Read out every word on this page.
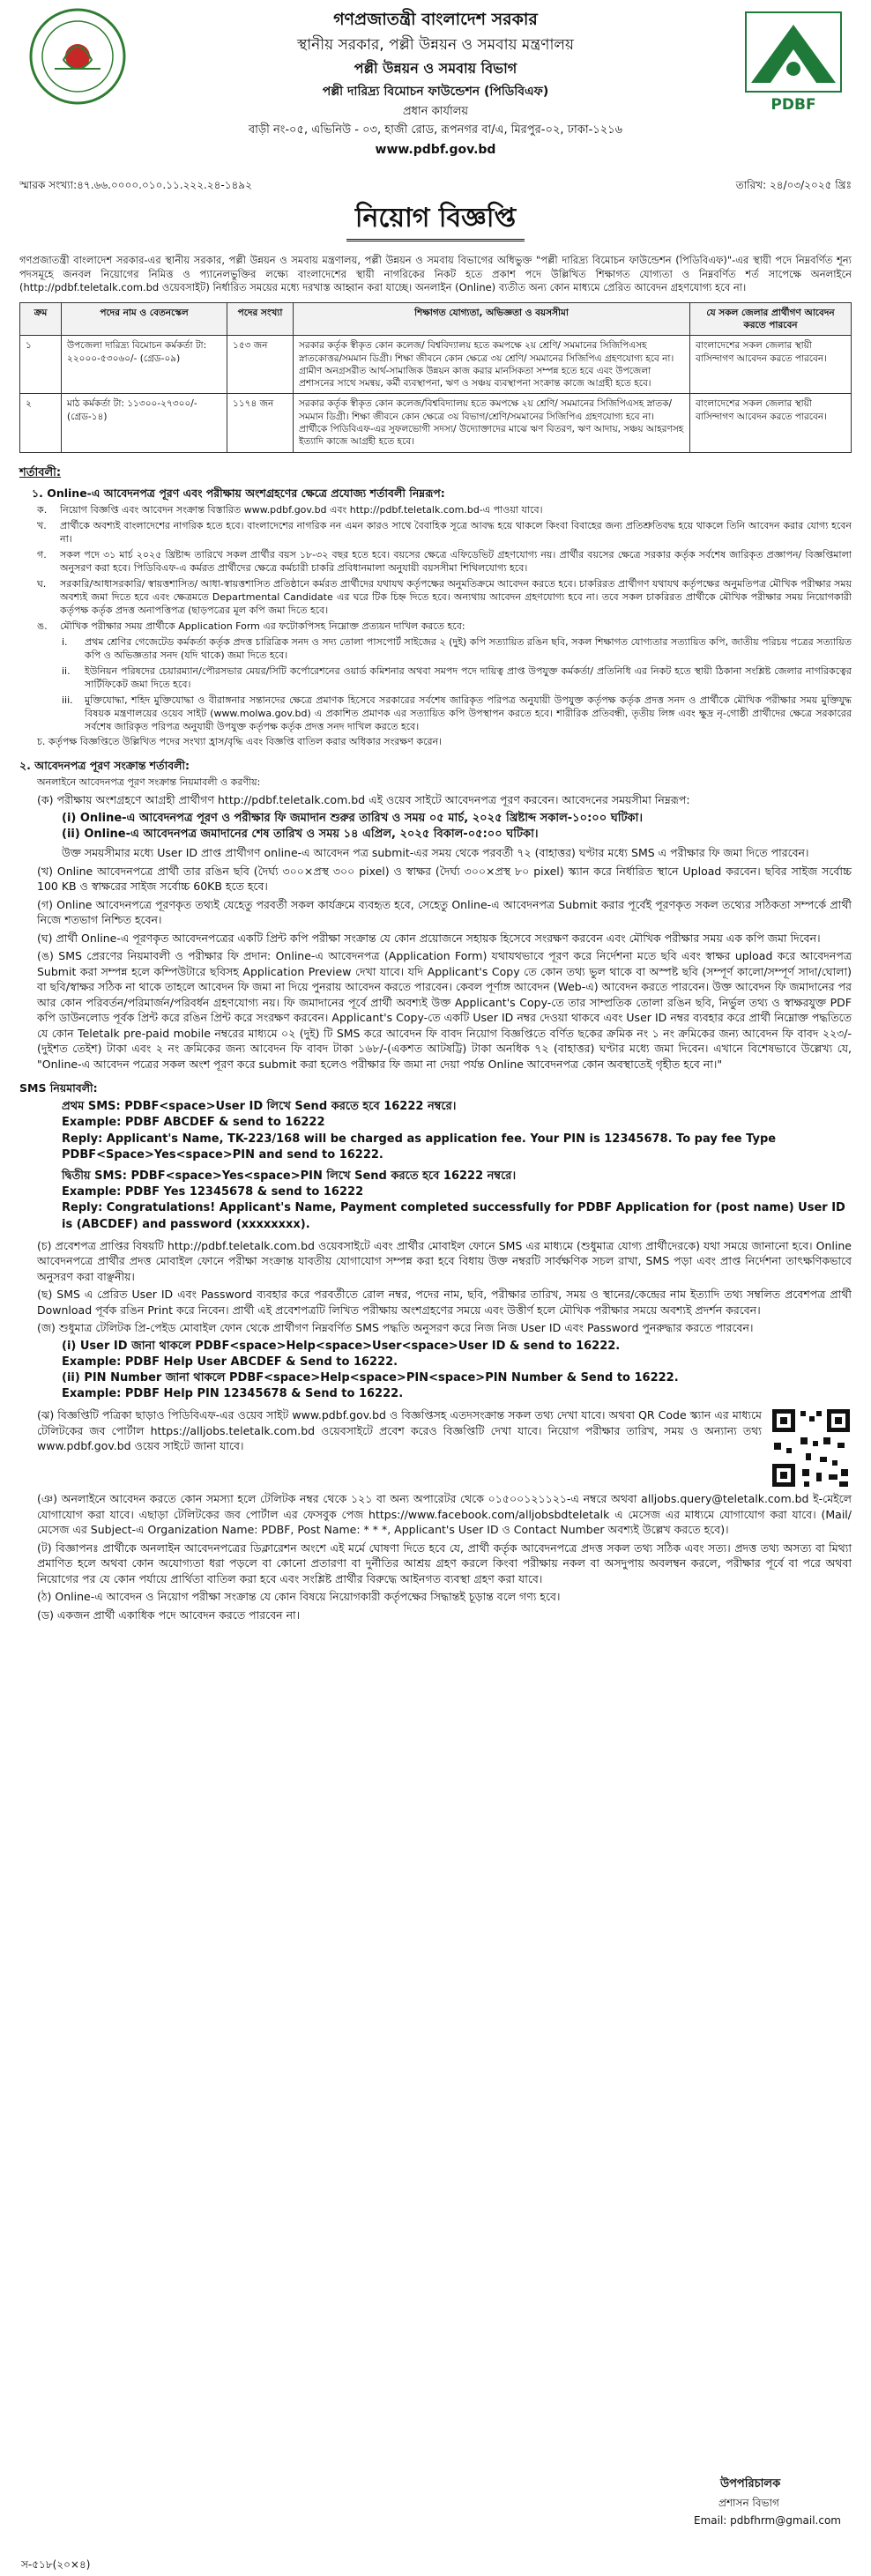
গণপ্রজাতন্ত্রী বাংলাদেশ সরকার
স্থানীয় সরকার, পল্লী উন্নয়ন ও সমবায় মন্ত্রণালয়
পল্লী উন্নয়ন ও সমবায় বিভাগ
পল্লী দারিদ্র্য বিমোচন ফাউন্ডেশন (পিডিবিএফ)
প্রধান কার্যালয়
বাড়ী নং-০৫, এভিনিউ - ০৩, হাজী রোড, রূপনগর বা/এ, মিরপুর-০২, ঢাকা-১২১৬
www.pdbf.gov.bd
PDBF
স্মারক সংখ্যা:৪৭.৬৬.০০০০.০১০.১১.২২২.২৪-১৪৯২	তারিখ: ২৪/০৩/২০২৫ খ্রিঃ
নিয়োগ বিজ্ঞপ্তি
গণপ্রজাতন্ত্রী বাংলাদেশ সরকার-এর স্থানীয় সরকার, পল্লী উন্নয়ন ও সমবায় মন্ত্রণালয়, পল্লী উন্নয়ন ও সমবায় বিভাগের অধিভুক্ত "পল্লী দারিদ্র্য বিমোচন ফাউন্ডেশন (পিডিবিএফ)"-এর স্থায়ী পদে নিম্নবর্ণিত শূন্য পদসমূহে জনবল নিয়োগের নিমিত্ত ও প্যানেলভুক্তির লক্ষ্যে বাংলাদেশের স্থায়ী নাগরিকের নিকট হতে প্রকাশ পদে উল্লিখিত শিক্ষাগত যোগ্যতা ও নিম্নবর্ণিত শর্ত সাপেক্ষে অনলাইনে (http://pdbf.teletalk.com.bd ওয়েবসাইট) নির্ধারিত সময়ের মধ্যে দরখাস্ত আহ্বান করা যাচ্ছে। অনলাইন (Online) ব্যতীত অন্য কোন মাধ্যমে প্রেরিত আবেদন গ্রহণযোগ্য হবে না।
ক্রম	পদের নাম ও বেতনস্কেল	পদের সংখ্যা	শিক্ষাগত যোগ্যতা, অভিজ্ঞতা ও বয়সসীমা	যে সকল জেলার প্রার্থীগণ আবেদন করতে পারবেন
১	উপজেলা দারিদ্র্য বিমোচন কর্মকর্তা টা: ২২০০০-৫৩০৬০/- (গ্রেড-০৯)	১৫৩ জন	সরকার কর্তৃক স্বীকৃত কোন কলেজ/ বিশ্ববিদ্যালয় হতে কমপক্ষে ২য় শ্রেণি/ সমমানের সিজিপিএসহ স্নাতকোত্তর/সমমান ডিগ্রী। শিক্ষা জীবনে কোন ক্ষেত্রে ৩য় শ্রেণি/ সমমানের সিজিপিএ গ্রহণযোগ্য হবে না। গ্রামীণ অনগ্রসরীত আর্থ-সামাজিক উন্নয়ন কাজ করার মানসিকতা সম্পন্ন হতে হবে এবং উপজেলা প্রশাসনের সাথে সমন্বয়, কর্মী ব্যবস্থাপনা, ঋণ ও সঞ্চয় ব্যবস্থাপনা সংক্রান্ত কাজে আগ্রহী হতে হবে।	বাংলাদেশের সকল জেলার স্থায়ী বাসিন্দাগণ আবেদন করতে পারবেন।
২	মাঠ কর্মকর্তা টা: ১১৩০০-২৭৩০০/- (গ্রেড-১৪)	১১৭৪ জন	সরকার কর্তৃক স্বীকৃত কোন কলেজ/বিশ্ববিদ্যালয় হতে কমপক্ষে ২য় শ্রেণি/ সমমানের সিজিপিএসহ স্নাতক/ সমমান ডিগ্রী। শিক্ষা জীবনে কোন ক্ষেত্রে ৩য় বিভাগ/শ্রেণি/সমমানের সিজিপিএ গ্রহণযোগ্য হবে না। প্রার্থীকে পিডিবিএফ-এর সুফলভোগী সদস্য/ উদ্যোক্তাদের মাঝে ঋণ বিতরণ, ঋণ আদায়, সঞ্চয় আহরণসহ ইত্যাদি কাজে আগ্রহী হতে হবে।	বাংলাদেশের সকল জেলার স্থায়ী বাসিন্দাগণ আবেদন করতে পারবেন।
শর্তাবলী:
১. Online-এ আবেদনপত্র পূরণ এবং পরীক্ষায় অংশগ্রহণের ক্ষেত্রে প্রযোজ্য শর্তাবলী নিম্নরূপ:
ক.	নিয়োগ বিজ্ঞপ্তি এবং আবেদন সংক্রান্ত বিস্তারিত www.pdbf.gov.bd এবং http://pdbf.teletalk.com.bd-এ পাওয়া যাবে।
খ.	প্রার্থীকে অবশ্যই বাংলাদেশের নাগরিক হতে হবে। বাংলাদেশের নাগরিক নন এমন কারও সাথে বৈবাহিক সূত্রে আবদ্ধ হয়ে থাকলে কিংবা বিবাহের জন্য প্রতিশ্রুতিবদ্ধ হয়ে থাকলে তিনি আবেদন করার যোগ্য হবেন না।
গ.	সকল পদে ৩১ মার্চ ২০২৫ খ্রিষ্টাব্দ তারিখে সকল প্রার্থীর বয়স ১৮-৩২ বছর হতে হবে। বয়সের ক্ষেত্রে এফিডেভিট গ্রহণযোগ্য নয়। প্রার্থীর বয়সের ক্ষেত্রে সরকার কর্তৃক সর্বশেষ জারিকৃত প্রজ্ঞাপন/ বিজ্ঞপ্তিমালা অনুসরণ করা হবে। পিডিবিএফ-এ কর্মরত প্রার্থীদের ক্ষেত্রে কর্মচারী চাকরি প্রবিধানমালা অনুযায়ী বয়সসীমা শিথিলযোগ্য হবে।
ঘ.	সরকারি/আধাসরকারি/ স্বায়ত্তশাসিত/ আধা-স্বায়ত্তশাসিত প্রতিষ্ঠানে কর্মরত প্রার্থীদের যথাযথ কর্তৃপক্ষের অনুমতিক্রমে আবেদন করতে হবে। চাকরিরত প্রার্থীগণ যথাযথ কর্তৃপক্ষের অনুমতিপত্র মৌখিক পরীক্ষার সময় অবশ্যই জমা দিতে হবে এবং ক্ষেত্রমতে Departmental Candidate এর ঘরে টিক চিহ্ন দিতে হবে। অন্যথায় আবেদন গ্রহণযোগ্য হবে না। তবে সকল চাকরিরত প্রার্থীকে মৌখিক পরীক্ষার সময় নিয়োগকারী কর্তৃপক্ষ কর্তৃক প্রদত্ত অনাপত্তিপত্র (ছাড়পত্রের মূল কপি জমা দিতে হবে।
ঙ.	মৌখিক পরীক্ষার সময় প্রার্থীকে Application Form এর ফটোকপিসহ নিম্নোক্ত প্রত্যয়ন দাখিল করতে হবে:
i.	প্রথম শ্রেণির গেজেটেড কর্মকর্তা কর্তৃক প্রদত্ত চারিত্রিক সনদ ও সদ্য তোলা পাসপোর্ট সাইজের ২ (দুই) কপি সত্যায়িত রঙিন ছবি, সকল শিক্ষাগত যোগ্যতার সত্যায়িত কপি, জাতীয় পরিচয় পত্রের সত্যায়িত কপি ও অভিজ্ঞতার সনদ (যদি থাকে) জমা দিতে হবে।
ii.	ইউনিয়ন পরিষদের চেয়ারম্যান/পৌরসভার মেয়র/সিটি কর্পোরেশনের ওয়ার্ড কমিশনার অথবা সমপদ পদে দায়িত্ব প্রাপ্ত উপযুক্ত কর্মকর্তা/ প্রতিনিধি এর নিকট হতে স্থায়ী ঠিকানা সংশ্লিষ্ট জেলার নাগরিকত্বের সার্টিফিকেট জমা দিতে হবে।
iii.	মুক্তিযোদ্ধা, শহিদ মুক্তিযোদ্ধা ও বীরাঙ্গনার সন্তানদের ক্ষেত্রে প্রমাণক হিসেবে সরকারের সর্বশেষ জারিকৃত পরিপত্র অনুযায়ী উপযুক্ত কর্তৃপক্ষ কর্তৃক প্রদত্ত সনদ ও প্রার্থীকে মৌখিক পরীক্ষার সময় মুক্তিযুদ্ধ বিষয়ক মন্ত্রণালয়ের ওয়েব সাইট (www.molwa.gov.bd) এ প্রকাশিত প্রমাণক এর সত্যায়িত কপি উপস্থাপন করতে হবে। শারীরিক প্রতিবন্ধী, তৃতীয় লিঙ্গ এবং ক্ষুদ্র নৃ-গোষ্ঠী প্রার্থীদের ক্ষেত্রে সরকারের সর্বশেষ জারিকৃত পরিপত্র অনুযায়ী উপযুক্ত কর্তৃপক্ষ কর্তৃক প্রদত্ত সনদ দাখিল করতে হবে।
চ. কর্তৃপক্ষ বিজ্ঞপ্তিতে উল্লিখিত পদের সংখ্যা হ্রাস/বৃদ্ধি এবং বিজ্ঞপ্তি বাতিল করার অধিকার সংরক্ষণ করেন।
২. আবেদনপত্র পূরণ সংক্রান্ত শর্তাবলী:
অনলাইনে আবেদনপত্র পূরণ সংক্রান্ত নিয়মাবলী ও করণীয়:
(ক) পরীক্ষায় অংশগ্রহণে আগ্রহী প্রার্থীগণ http://pdbf.teletalk.com.bd এই ওয়েব সাইটে আবেদনপত্র পূরণ করবেন। আবেদনের সময়সীমা নিম্নরূপ:
(i) Online-এ আবেদনপত্র পূরণ ও পরীক্ষার ফি জমাদান শুরুর তারিখ ও সময় ০৫ মার্চ, ২০২৫ খ্রিষ্টাব্দ সকাল-১০:০০ ঘটিকা।
(ii) Online-এ আবেদনপত্র জমাদানের শেষ তারিখ ও সময় ১৪ এপ্রিল, ২০২৫ বিকাল-০৫:০০ ঘটিকা।
উক্ত সময়সীমার মধ্যে User ID প্রাপ্ত প্রার্থীগণ online-এ আবেদন পত্র submit-এর সময় থেকে পরবর্তী ৭২ (বাহাত্তর) ঘণ্টার মধ্যে SMS এ পরীক্ষার ফি জমা দিতে পারবেন।
(খ) Online আবেদনপত্রে প্রার্থী তার রঙিন ছবি (দৈর্ঘ্য ৩০০×প্রস্থ ৩০০ pixel) ও স্বাক্ষর (দৈর্ঘ্য ৩০০×প্রস্থ ৮০ pixel) স্ক্যান করে নির্ধারিত স্থানে Upload করবেন। ছবির সাইজ সর্বোচ্চ 100 KB ও স্বাক্ষরের সাইজ সর্বোচ্চ 60KB হতে হবে।
(গ) Online আবেদনপত্রে পূরণকৃত তথ্যই যেহেতু পরবর্তী সকল কার্যক্রমে ব্যবহৃত হবে, সেহেতু Online-এ আবেদনপত্র Submit করার পূর্বেই পূরণকৃত সকল তথ্যের সঠিকতা সম্পর্কে প্রার্থী নিজে শতভাগ নিশ্চিত হবেন।
(ঘ) প্রার্থী Online-এ পূরণকৃত আবেদনপত্রের একটি প্রিন্ট কপি পরীক্ষা সংক্রান্ত যে কোন প্রয়োজনে সহায়ক হিসেবে সংরক্ষণ করবেন এবং মৌখিক পরীক্ষার সময় এক কপি জমা দিবেন।
(ঙ) SMS প্রেরণের নিয়মাবলী ও পরীক্ষার ফি প্রদান: Online-এ আবেদনপত্র (Application Form) যথাযথভাবে পূরণ করে নির্দেশনা মতে ছবি এবং স্বাক্ষর upload করে আবেদনপত্র Submit করা সম্পন্ন হলে কম্পিউটারে ছবিসহ Application Preview দেখা যাবে। যদি Applicant's Copy তে কোন তথ্য ভুল থাকে বা অস্পষ্ট ছবি (সম্পূর্ণ কালো/সম্পূর্ণ সাদা/ঘোলা) বা ছবি/স্বাক্ষর সঠিক না থাকে তাহলে আবেদন ফি জমা না দিয়ে পুনরায় আবেদন করতে পারবেন। কেবল পূর্ণাঙ্গ আবেদন (Web-এ) আবেদন করতে পারবেন। উক্ত আবেদন ফি জমাদানের পর আর কোন পরিবর্তন/পরিমার্জন/পরিবর্ধন গ্রহণযোগ্য নয়। ফি জমাদানের পূর্বে প্রার্থী অবশ্যই উক্ত Applicant's Copy-তে তার সাম্প্রতিক তোলা রঙিন ছবি, নির্ভুল তথ্য ও স্বাক্ষরযুক্ত PDF কপি ডাউনলোড পূর্বক প্রিন্ট করে রঙিন প্রিন্ট করে সংরক্ষণ করবেন। Applicant's Copy-তে একটি User ID নম্বর দেওয়া থাকবে এবং User ID নম্বর ব্যবহার করে প্রার্থী নিম্নোক্ত পদ্ধতিতে যে কোন Teletalk pre-paid mobile নম্বরের মাধ্যমে ০২ (দুই) টি SMS করে আবেদন ফি বাবদ নিয়োগ বিজ্ঞপ্তিতে বর্ণিত ছকের ক্রমিক নং ১ নং ক্রমিকের জন্য আবেদন ফি বাবদ ২২৩/- (দুইশত তেইশ) টাকা এবং ২ নং ক্রমিকের জন্য আবেদন ফি বাবদ টাকা ১৬৮/-(একশত আটষট্টি) টাকা অনধিক ৭২ (বাহাত্তর) ঘণ্টার মধ্যে জমা দিবেন। এখানে বিশেষভাবে উল্লেখ্য যে, "Online-এ আবেদন পত্রের সকল অংশ পূরণ করে submit করা হলেও পরীক্ষার ফি জমা না দেয়া পর্যন্ত Online আবেদনপত্র কোন অবস্থাতেই গৃহীত হবে না।"
SMS নিয়মাবলী:
প্রথম SMS: PDBF<space>User ID লিখে Send করতে হবে 16222 নম্বরে।
Example: PDBF ABCDEF & send to 16222
Reply: Applicant's Name, TK-223/168 will be charged as application fee. Your PIN is 12345678. To pay fee Type PDBF<Space>Yes<space>PIN and send to 16222.
দ্বিতীয় SMS: PDBF<space>Yes<space>PIN লিখে Send করতে হবে 16222 নম্বরে।
Example: PDBF Yes 12345678 & send to 16222
Reply: Congratulations! Applicant's Name, Payment completed successfully for PDBF Application for (post name) User ID is (ABCDEF) and password (xxxxxxxx).
(চ) প্রবেশপত্র প্রাপ্তির বিষয়টি http://pdbf.teletalk.com.bd ওয়েবসাইটে এবং প্রার্থীর মোবাইল ফোনে SMS এর মাধ্যমে (শুধুমাত্র যোগ্য প্রার্থীদেরকে) যথা সময়ে জানানো হবে। Online আবেদনপত্রে প্রার্থীর প্রদত্ত মোবাইল ফোনে পরীক্ষা সংক্রান্ত যাবতীয় যোগাযোগ সম্পন্ন করা হবে বিধায় উক্ত নম্বরটি সার্বক্ষণিক সচল রাখা, SMS পড়া এবং প্রাপ্ত নির্দেশনা তাৎক্ষণিকভাবে অনুসরণ করা বাঞ্ছনীয়।
(ছ) SMS এ প্রেরিত User ID এবং Password ব্যবহার করে পরবর্তীতে রোল নম্বর, পদের নাম, ছবি, পরীক্ষার তারিখ, সময় ও স্থানের/কেন্দ্রের নাম ইত্যাদি তথ্য সম্বলিত প্রবেশপত্র প্রার্থী Download পূর্বক রঙিন Print করে নিবেন। প্রার্থী এই প্রবেশপত্রটি লিখিত পরীক্ষায় অংশগ্রহণের সময়ে এবং উত্তীর্ণ হলে মৌখিক পরীক্ষার সময়ে অবশ্যই প্রদর্শন করবেন।
(জ) শুধুমাত্র টেলিটক প্রি-পেইড মোবাইল ফোন থেকে প্রার্থীগণ নিম্নবর্ণিত SMS পদ্ধতি অনুসরণ করে নিজ নিজ User ID এবং Password পুনরুদ্ধার করতে পারবেন।
(i) User ID জানা থাকলে PDBF<space>Help<space>User<space>User ID & send to 16222.
Example: PDBF Help User ABCDEF & Send to 16222.
(ii) PIN Number জানা থাকলে PDBF<space>Help<space>PIN<space>PIN Number & Send to 16222.
Example: PDBF Help PIN 12345678 & Send to 16222.
(ঝ) বিজ্ঞপ্তিটি পত্রিকা ছাড়াও পিডিবিএফ-এর ওয়েব সাইট www.pdbf.gov.bd ও বিজ্ঞপ্তিসহ এতদসংক্রান্ত সকল তথ্য দেখা যাবে। অথবা QR Code স্ক্যান এর মাধ্যমে টেলিটকের জব পোর্টাল https://alljobs.teletalk.com.bd ওয়েবসাইটে প্রবেশ করেও বিজ্ঞপ্তিটি দেখা যাবে। নিয়োগ পরীক্ষার তারিখ, সময় ও অন্যান্য তথ্য www.pdbf.gov.bd ওয়েব সাইটে জানা যাবে।
(ঞ) অনলাইনে আবেদন করতে কোন সমস্যা হলে টেলিটক নম্বর থেকে ১২১ বা অন্য অপারেটর থেকে ০১৫০০১২১১২১-এ নম্বরে অথবা alljobs.query@teletalk.com.bd ই-মেইলে যোগাযোগ করা যাবে। এছাড়া টেলিটকের জব পোর্টাল এর ফেসবুক পেজ https://www.facebook.com/alljobsbdteletalk এ মেসেজ এর মাধ্যমে যোগাযোগ করা যাবে। (Mail/মেসেজ এর Subject-এ Organization Name: PDBF, Post Name: * * *, Applicant's User ID ও Contact Number অবশ্যই উল্লেখ করতে হবে)।
(ট) বিজ্ঞাপনঃ প্রার্থীকে অনলাইন আবেদনপত্রের ডিক্লারেশন অংশে এই মর্মে ঘোষণা দিতে হবে যে, প্রার্থী কর্তৃক আবেদনপত্রে প্রদত্ত সকল তথ্য সঠিক এবং সত্য। প্রদত্ত তথ্য অসত্য বা মিথ্যা প্রমাণিত হলে অথবা কোন অযোগ্যতা ধরা পড়লে বা কোনো প্রতারণা বা দুর্নীতির আশ্রয় গ্রহণ করলে কিংবা পরীক্ষায় নকল বা অসদুপায় অবলম্বন করলে, পরীক্ষার পূর্বে বা পরে অথবা নিয়োগের পর যে কোন পর্যায়ে প্রার্থিতা বাতিল করা হবে এবং সংশ্লিষ্ট প্রার্থীর বিরুদ্ধে আইনগত ব্যবস্থা গ্রহণ করা যাবে।
(ঠ) Online-এ আবেদন ও নিয়োগ পরীক্ষা সংক্রান্ত যে কোন বিষয়ে নিয়োগকারী কর্তৃপক্ষের সিদ্ধান্তই চূড়ান্ত বলে গণ্য হবে।
(ড) একজন প্রার্থী একাধিক পদে আবেদন করতে পারবেন না।
উপপরিচালক
প্রশাসন বিভাগ
Email: pdbfhrm@gmail.com
স-৫১৮(২০×৪)
